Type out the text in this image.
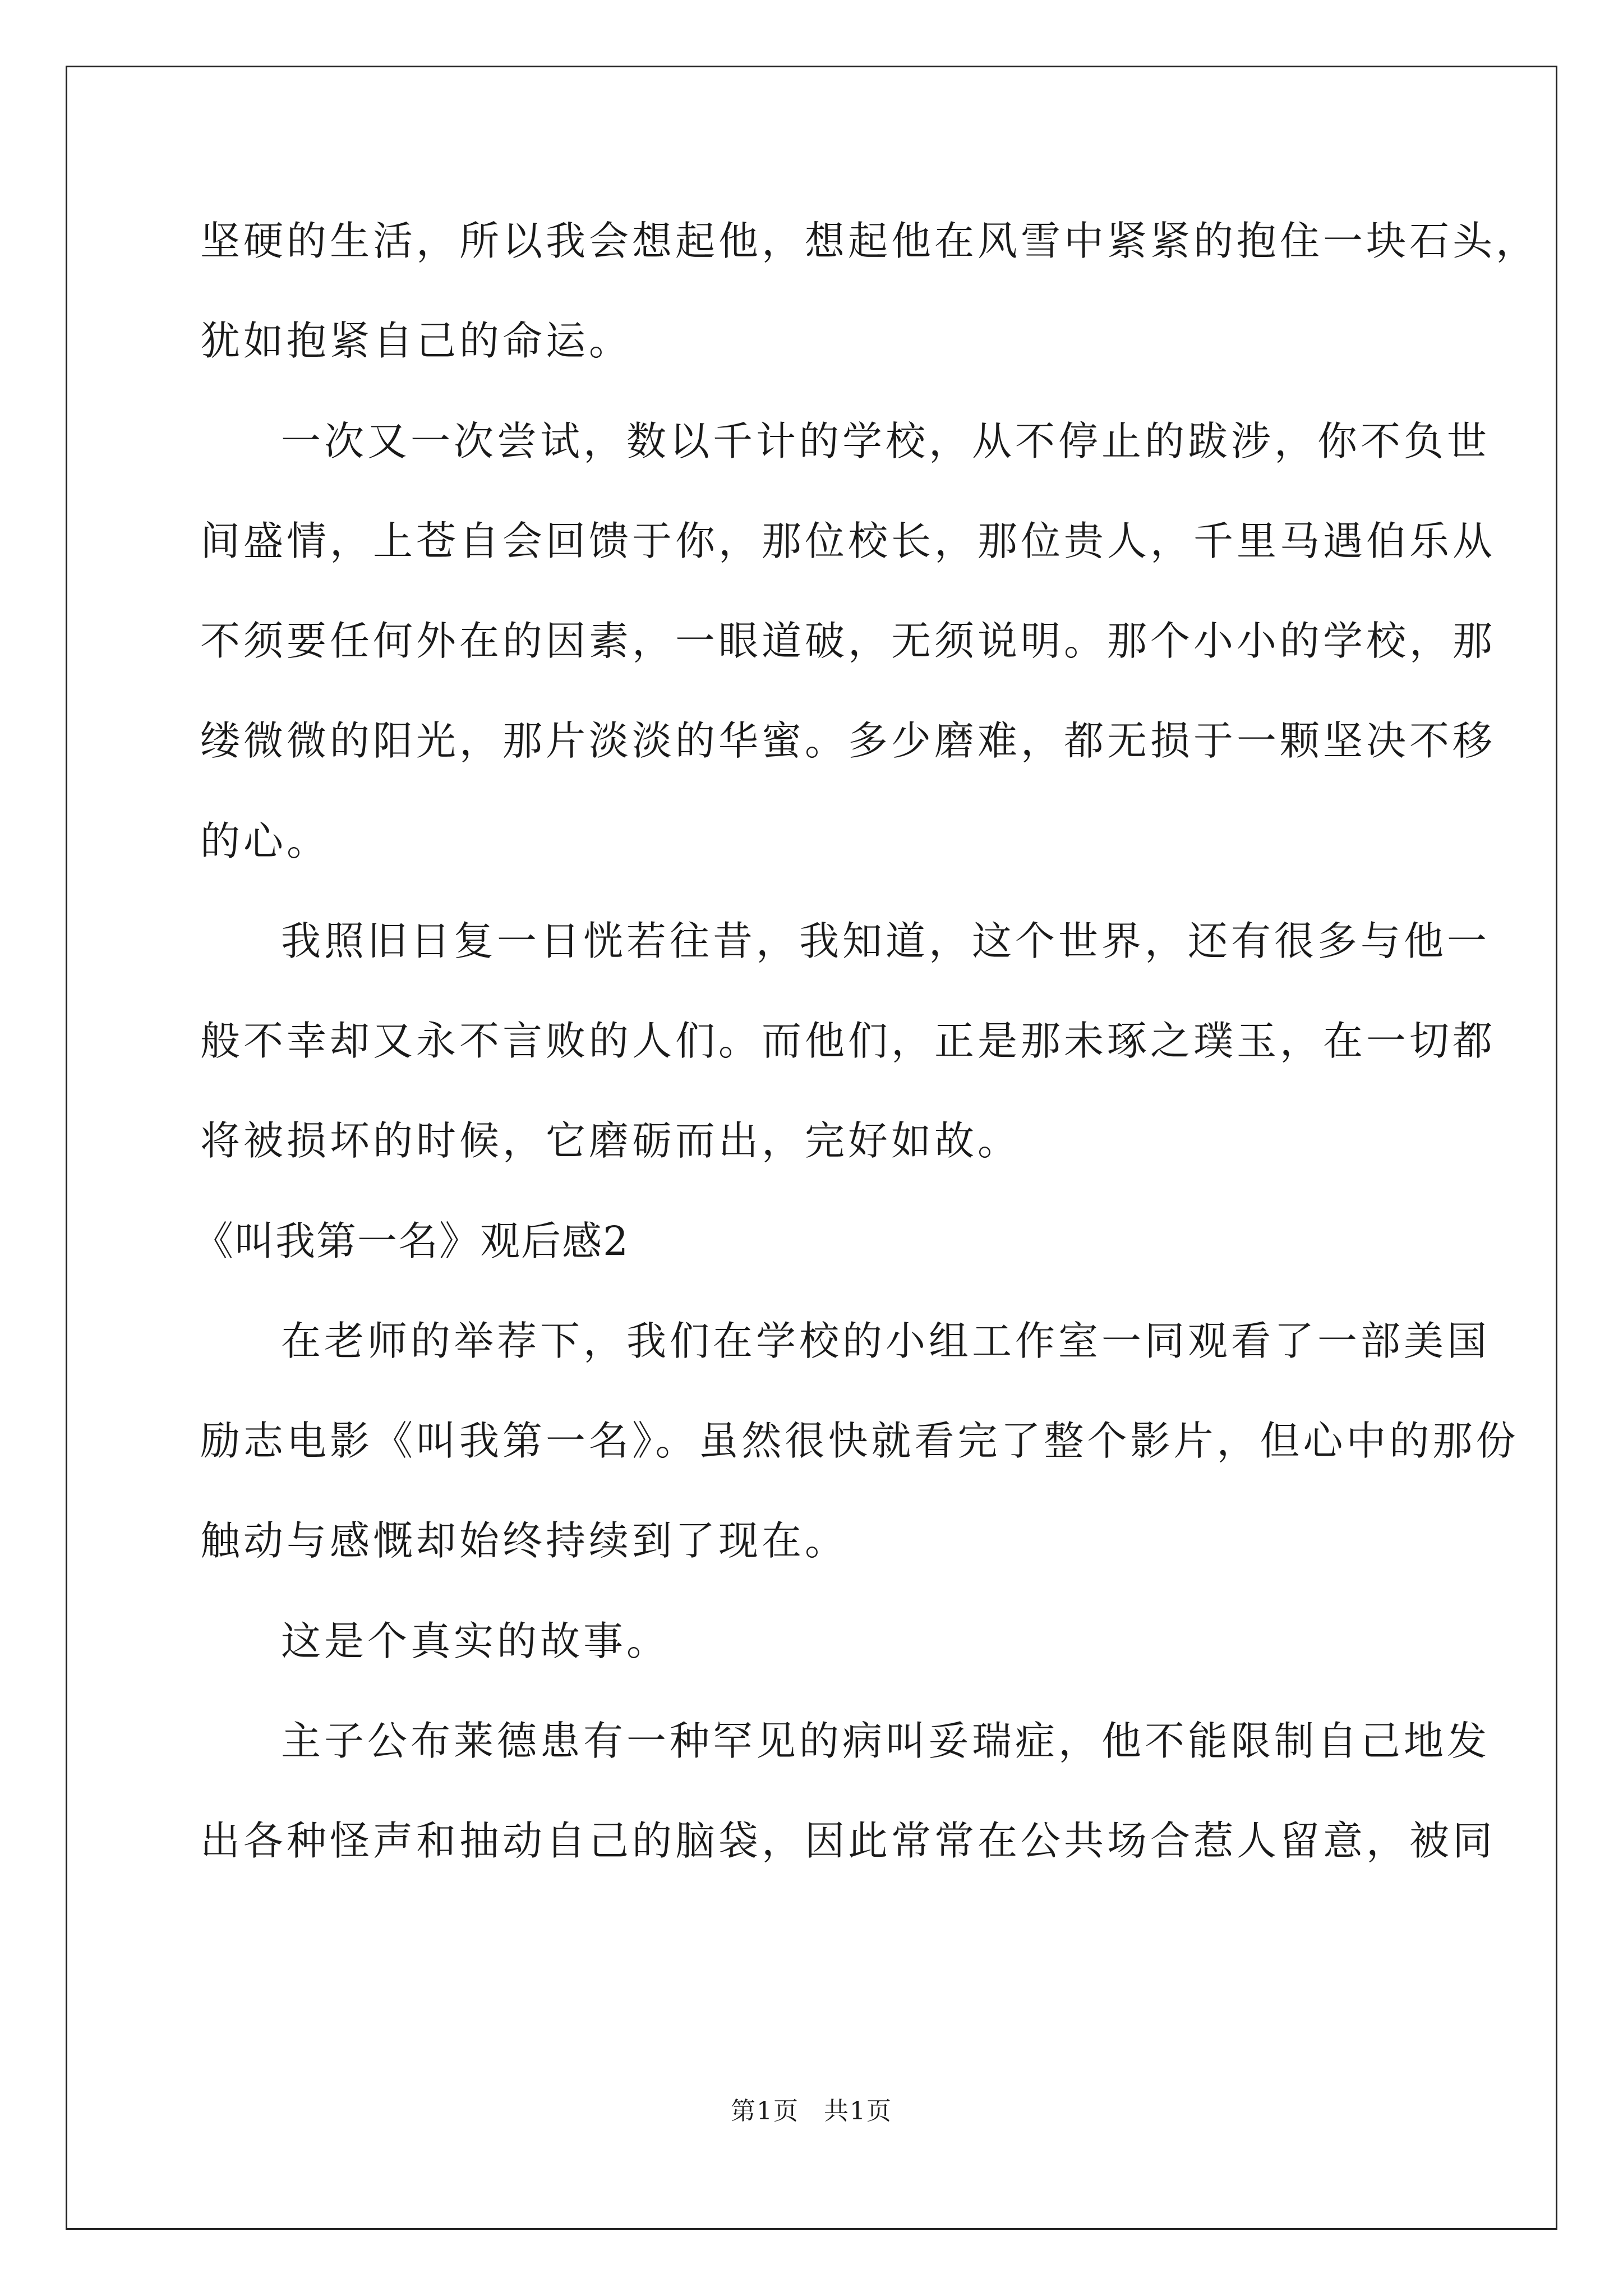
坚硬的生活，所以我会想起他，想起他在风雪中紧紧的抱住一块石头，
犹如抱紧自己的命运。
一次又一次尝试，数以千计的学校，从不停止的跋涉，你不负世
间盛情，上苍自会回馈于你，那位校长，那位贵人，千里马遇伯乐从
不须要任何外在的因素，一眼道破，无须说明。那个小小的学校，那
缕微微的阳光，那片淡淡的华蜜。多少磨难，都无损于一颗坚决不移
的心。
我照旧日复一日恍若往昔，我知道，这个世界，还有很多与他一
般不幸却又永不言败的人们。而他们，正是那未琢之璞玉，在一切都
将被损坏的时候，它磨砺而出，完好如故。
《叫我第一名》观后感2
在老师的举荐下，我们在学校的小组工作室一同观看了一部美国
励志电影《叫我第一名》。虽然很快就看完了整个影片，但心中的那份
触动与感慨却始终持续到了现在。
这是个真实的故事。
主子公布莱德患有一种罕见的病叫妥瑞症，他不能限制自己地发
出各种怪声和抽动自己的脑袋，因此常常在公共场合惹人留意，被同
第1页 共1页
